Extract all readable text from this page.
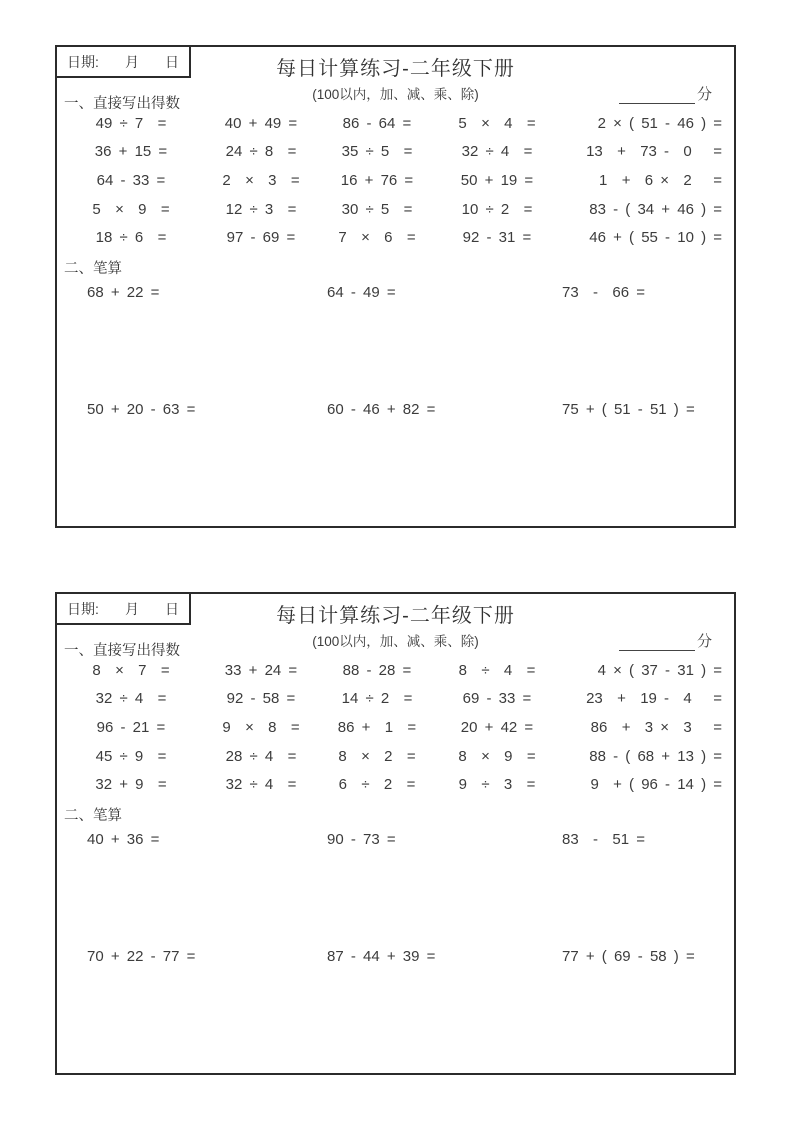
日期: 月 日	每日计算练习-二年级下册
(100以内，加、减、乘、除)	分
一、直接写出得数
49 ÷ 7  =	40 + 49 =	86 - 64 =	5  ×  4  =	2 × ( 51 - 46 ) =
36 + 15 =	24 ÷ 8  =	35 ÷ 5  =	32 ÷ 4  =	13  +  73 -  0   =
64 - 33 =	2  ×  3  =	16 + 76 =	50 + 19 =	1  +  6 ×  2   =
5  ×  9  =	12 ÷ 3  =	30 ÷ 5  =	10 ÷ 2  =	83 - ( 34 + 46 ) =
18 ÷ 6  =	97 - 69 =	7  ×  6  =	92 - 31 =	46 + ( 55 - 10 ) =
二、笔算
68 + 22 =	64 - 49 =	73  -  66 =
50 + 20 - 63 =	60 - 46 + 82 =	75 + ( 51 - 51 ) =
日期: 月 日	每日计算练习-二年级下册
(100以内，加、减、乘、除)	分
一、直接写出得数
8  ×  7  =	33 + 24 =	88 - 28 =	8  ÷  4  =	4 × ( 37 - 31 ) =
32 ÷ 4  =	92 - 58 =	14 ÷ 2  =	69 - 33 =	23  +  19 -  4   =
96 - 21 =	9  ×  8  =	86 +  1  =	20 + 42 =	86  +  3 ×  3   =
45 ÷ 9  =	28 ÷ 4  =	8  ×  2  =	8  ×  9  =	88 - ( 68 + 13 ) =
32 + 9  =	32 ÷ 4  =	6  ÷  2  =	9  ÷  3  =	9  + ( 96 - 14 ) =
二、笔算
40 + 36 =	90 - 73 =	83  -  51 =
70 + 22 - 77 =	87 - 44 + 39 =	77 + ( 69 - 58 ) =
